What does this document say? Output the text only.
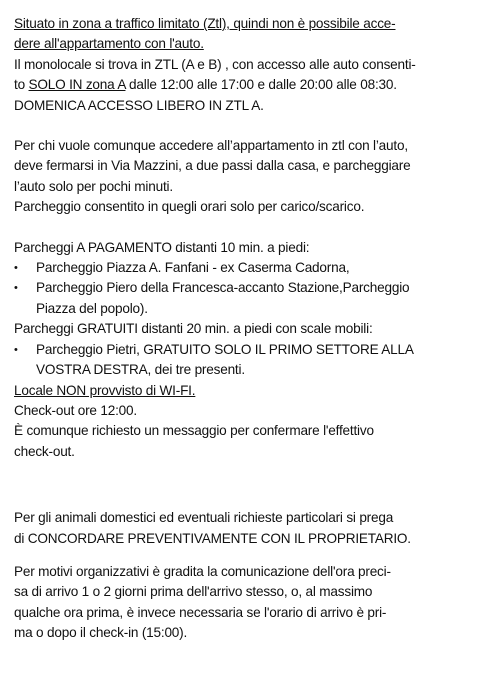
Situato in zona a traffico limitato (Ztl), quindi non è possibile acce-

dere all'appartamento con l'auto.

Il monolocale si trova in ZTL (A e B) , con accesso alle auto consenti-

to SOLO IN zona A dalle 12:00 alle 17:00 e dalle 20:00 alle 08:30.

DOMENICA ACCESSO LIBERO IN ZTL A.

Per chi vuole comunque accedere all’appartamento in ztl con l’auto,

deve fermarsi in Via Mazzini, a due passi dalla casa, e parcheggiare

l’auto solo per pochi minuti.

Parcheggio consentito in quegli orari solo per carico/scarico.

Parcheggi A PAGAMENTO distanti 10 min. a piedi:

•	Parcheggio Piazza A. Fanfani - ex Caserma Cadorna,
•	Parcheggio Piero della Francesca-accanto Stazione,Parcheggio

Piazza del popolo).

Parcheggi GRATUITI distanti 20 min. a piedi con scale mobili:

•	Parcheggio Pietri, GRATUITO SOLO IL PRIMO SETTORE ALLA

VOSTRA DESTRA, dei tre presenti.

Locale NON provvisto di WI-FI.

Check-out ore 12:00.

È comunque richiesto un messaggio per confermare l'effettivo

check-out.

Per gli animali domestici ed eventuali richieste particolari si prega

di CONCORDARE PREVENTIVAMENTE CON IL PROPRIETARIO.

Per motivi organizzativi è gradita la comunicazione dell'ora preci-

sa di arrivo 1 o 2 giorni prima dell'arrivo stesso, o, al massimo

qualche ora prima, è invece necessaria se l'orario di arrivo è pri-

ma o dopo il check-in (15:00).
